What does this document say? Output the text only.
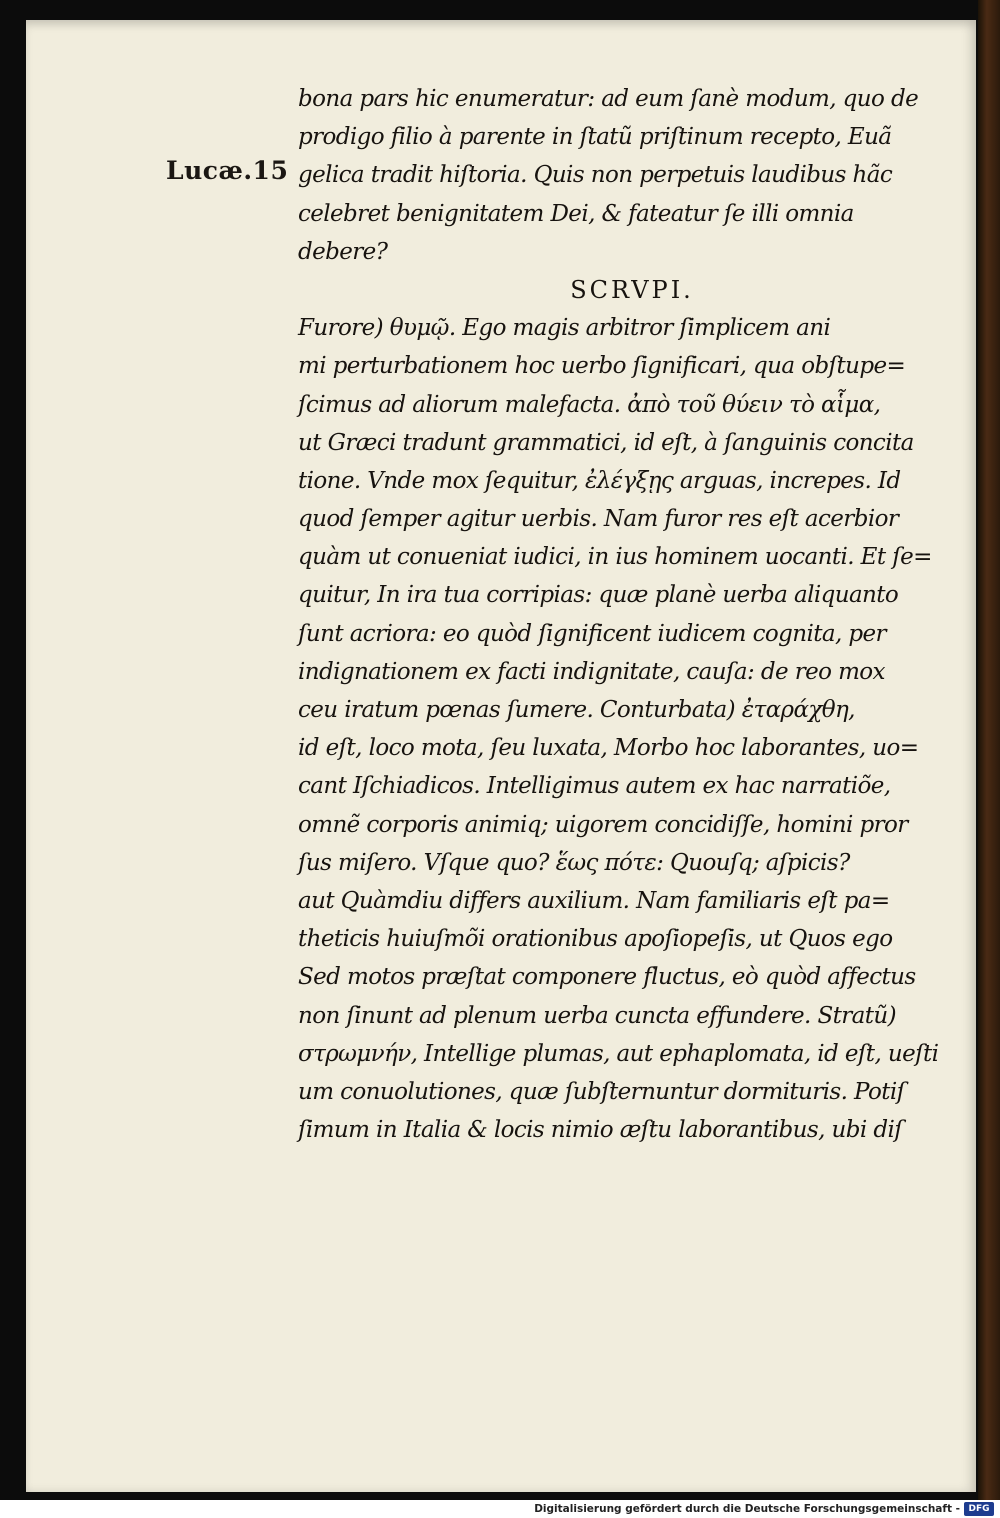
Lucæ.15
bona pars hic enumeratur: ad eum ſanè modum, quo de
prodigo filio à parente in ſtatũ priſtinum recepto, Euã
gelica tradit hiſtoria. Quis non perpetuis laudibus hãc
celebret benignitatem Dei, & fateatur ſe illi omnia
debere?
SCRVPI.
Furore) θυμῷ. Ego magis arbitror ſimplicem ani
mi perturbationem hoc uerbo ſignificari, qua obſtupe=
ſcimus ad aliorum malefacta. ἀπὸ τοῦ θύειν τὸ αἷμα,
ut Græci tradunt grammatici, id eſt, à ſanguinis concita
tione. Vnde mox ſequitur, ἐλέγξῃς arguas, increpes. Id
quod ſemper agitur uerbis. Nam furor res eſt acerbior
quàm ut conueniat iudici, in ius hominem uocanti. Et ſe=
quitur, In ira tua corripias: quæ planè uerba aliquanto
ſunt acriora: eo quòd ſignificent iudicem cognita, per
indignationem ex facti indignitate, cauſa: de reo mox
ceu iratum pœnas ſumere. Conturbata) ἐταράχθη,
id eſt, loco mota, ſeu luxata, Morbo hoc laborantes, uo=
cant Iſchiadicos. Intelligimus autem ex hac narratiõe,
omnẽ corporis animiq; uigorem concidiſſe, homini pror
ſus miſero. Vſque quo? ἕως πότε: Quouſq; aſpicis?
aut Quàmdiu differs auxilium. Nam familiaris eſt pa=
theticis huiuſmõi orationibus apoſiopeſis, ut Quos ego
Sed motos præſtat componere fluctus, eò quòd affectus
non ſinunt ad plenum uerba cuncta effundere. Stratũ)
στρωμνήν, Intellige plumas, aut ephaplomata, id eſt, ueſti
um conuolutiones, quæ ſubſternuntur dormituris. Potiſ
ſimum in Italia & locis nimio æſtu laborantibus, ubi diſ
Digitalisierung gefördert durch die Deutsche Forschungsgemeinschaft - DFG
